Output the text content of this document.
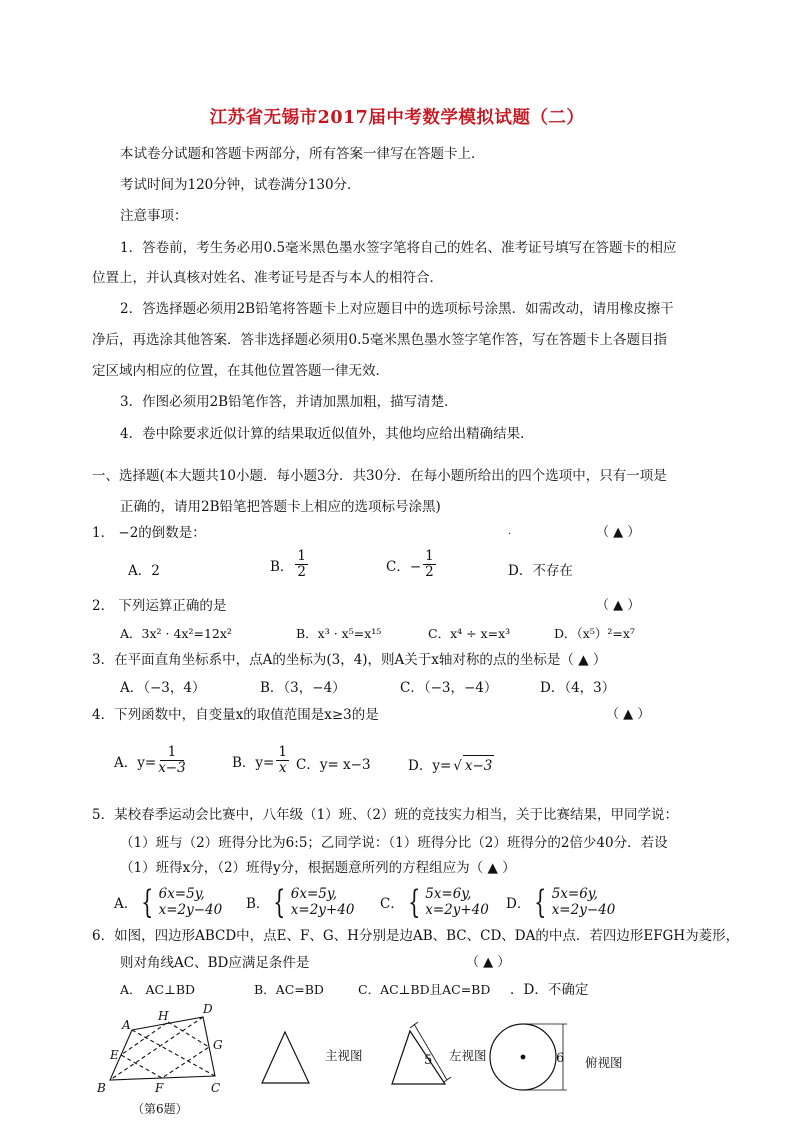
江苏省无锡市2017届中考数学模拟试题（二）
本试卷分试题和答题卡两部分，所有答案一律写在答题卡上．
考试时间为120分钟，试卷满分130分．
注意事项：
1．答卷前，考生务必用0.5毫米黑色墨水签字笔将自己的姓名、准考证号填写在答题卡的相应
位置上，并认真核对姓名、准考证号是否与本人的相符合．
2．答选择题必须用2B铅笔将答题卡上对应题目中的选项标号涂黑．如需改动，请用橡皮擦干
净后，再选涂其他答案．答非选择题必须用0.5毫米黑色墨水签字笔作答，写在答题卡上各题目指
定区域内相应的位置，在其他位置答题一律无效．
3．作图必须用2B铅笔作答，并请加黑加粗，描写清楚．
4．卷中除要求近似计算的结果取近似值外，其他均应给出精确结果．
一、选择题(本大题共10小题．每小题3分．共30分．在每小题所给出的四个选项中，只有一项是
正确的，请用2B铅笔把答题卡上相应的选项标号涂黑)
1． −2的倒数是：	（ ▲ ）
.
A．2	B． $\frac{1}{2}$	C．− $\frac{1}{2}$	D．不存在
2． 下列运算正确的是	（ ▲ ）
A．3x² · 4x²=12x²	B．x³ · x⁵=x¹⁵	C．x⁴ ÷ x=x³	D．（x⁵）²=x⁷
3．在平面直角坐标系中，点A的坐标为(3，4)，则A关于x轴对称的点的坐标是（ ▲ ）
A．（−3，4）	B．（3，−4）	C．（−3，−4）	D．（4，3）
4．下列函数中，自变量x的取值范围是x≥3的是	（ ▲ ）
A．$y= \frac{1}{x-3}$	B．$y= \frac{1}{x}$ C．y= x−3	D．y= √ x−3
5．某校春季运动会比赛中，八年级（1）班、（2）班的竞技实力相当，关于比赛结果，甲同学说：
（1）班与（2）班得分比为6:5；乙同学说：（1）班得分比（2）班得分的2倍少40分．若设
（1）班得x分，（2）班得y分，根据题意所列的方程组应为（ ▲ ）
A． { 6x=5y,
x=2y−40 B． { 6x=5y,
x=2y+40 C． { 5x=6y,
x=2y+40 D． { 5x=6y,
x=2y−40
6．如图，四边形ABCD中，点E、F、G、H分别是边AB、BC、CD、DA的中点．若四边形EFGH为菱形，
则对角线AC、BD应满足条件是	（ ▲ ）
A． AC⊥BD	B．AC=BD	C．AC⊥BD且AC=BD ．D．不确定
A
H	D
E
G
B	F	C
（第6题）
主视图	5 左视图	6 俯视图
